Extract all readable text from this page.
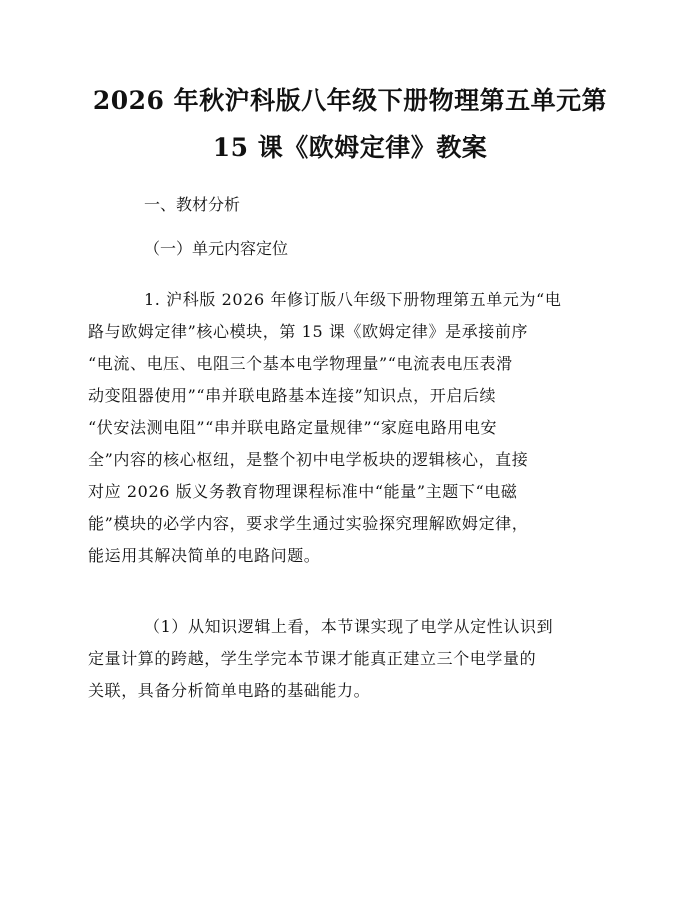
2026 年秋沪科版八年级下册物理第五单元第
15 课《欧姆定律》教案
一、教材分析
（一）单元内容定位
1. 沪科版 2026 年修订版八年级下册物理第五单元为“电
路与欧姆定律”核心模块，第 15 课《欧姆定律》是承接前序
“电流、电压、电阻三个基本电学物理量”“电流表电压表滑
动变阻器使用”“串并联电路基本连接”知识点，开启后续
“伏安法测电阻”“串并联电路定量规律”“家庭电路用电安
全”内容的核心枢纽，是整个初中电学板块的逻辑核心，直接
对应 2026 版义务教育物理课程标准中“能量”主题下“电磁
能”模块的必学内容，要求学生通过实验探究理解欧姆定律，
能运用其解决简单的电路问题。
（1）从知识逻辑上看，本节课实现了电学从定性认识到
定量计算的跨越，学生学完本节课才能真正建立三个电学量的
关联，具备分析简单电路的基础能力。
